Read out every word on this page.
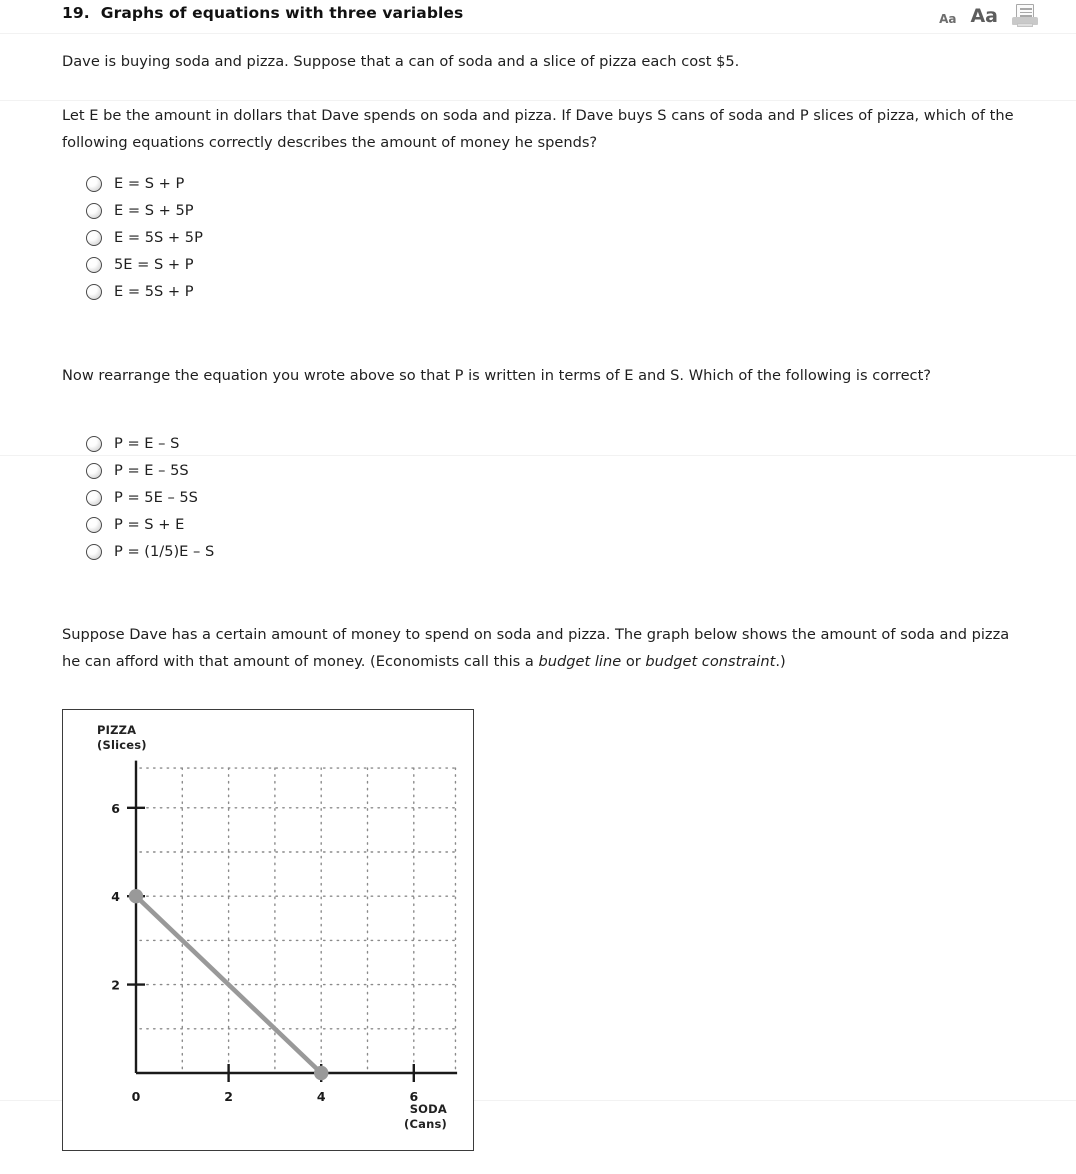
19. Graphs of equations with three variables	Aa Aa
Dave is buying soda and pizza. Suppose that a can of soda and a slice of pizza each cost $5.
Let E be the amount in dollars that Dave spends on soda and pizza. If Dave buys S cans of soda and P slices of pizza, which of the following equations correctly describes the amount of money he spends?
E = S + P
E = S + 5P
E = 5S + 5P
5E = S + P
E = 5S + P
Now rearrange the equation you wrote above so that P is written in terms of E and S. Which of the following is correct?
P = E – S
P = E – 5S
P = 5E – 5S
P = S + E
P = (1/5)E – S
Suppose Dave has a certain amount of money to spend on soda and pizza. The graph below shows the amount of soda and pizza he can afford with that amount of money. (Economists call this a budget line or budget constraint.)
PIZZA
(Slices)
SODA
(Cans)
2
4
6
0	2	4	6
